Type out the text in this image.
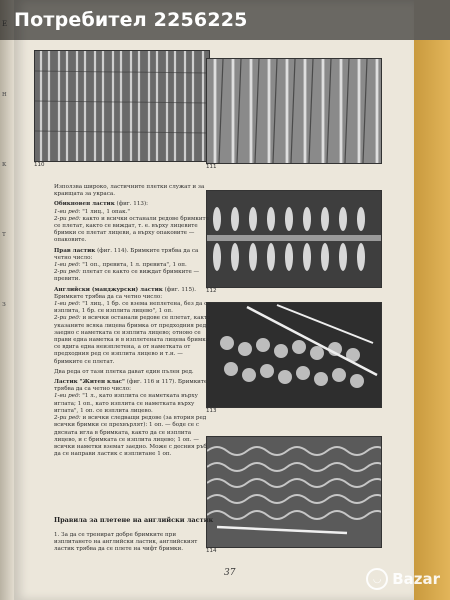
110	111
112
113
114

Използва широко, ластичните плетки служат и за краищата за украса.

Обикновен ластик (фиг. 113):
1-ви ред: "1 лиц., 1 опак."
2-ри ред: както и всички останали редове бримките се плетат, както се виждат, т. е. върху лицевите бримки се плетат лицеви, а върху опаковите — опаковите.

Прав ластик (фиг. 114). Бримките трябва да са четно число:
1-ви ред: "1 оп., превита, 1 л. превита", 1 оп.
2-ри ред: плетат се както се виждат бримките — превити.

Английски (манджурски) ластик (фиг. 115). Бримките трябва да са четно число:
1-ви ред: "1 лиц., 1 бр. се взема неплетена, без да се изплита, 1 бр. се изплита лицево", 1 оп.
2-ри ред: и всички останали редове се плетат, както указаните всяка лицева бримка от предходния ред заедно с наметката се изплита лицево; отново се прави една наметка и в изплетената лицева бримка се вдига една неизплетена, а от наметката от предходния ред се изплита лицево и т.н. — бримките се плетат.

Два реда от тази плетка дават един пълен ред.

Ластик "Житен клас" (фиг. 116 и 117). Бримките трябва да са четно число:
1-ви ред: "1 л., като изплита се наметката върху иглата; 1 оп., като изплита се наметката върху иглата", 1 оп. се изплита лицево.
2-ри ред: и всички следващи редове (за втория ред всички бримки се прехвърлят): 1 оп. — бодe се с дясната игла в бримката, както да се изплита лицево, и с бримката се изплита лицево; 1 оп. — всички наметки вземат заедно. Може с десния ръб да се направи ластик с изплитане 1 оп.

Правила за плетене на английски ластик
1. За да се тренират добре бримките при изплитането на английски ластик, английският ластик трябва да се плете на чифт бримки.
37
н
к
т
з
Потребител 2256225
◡ Bazar
